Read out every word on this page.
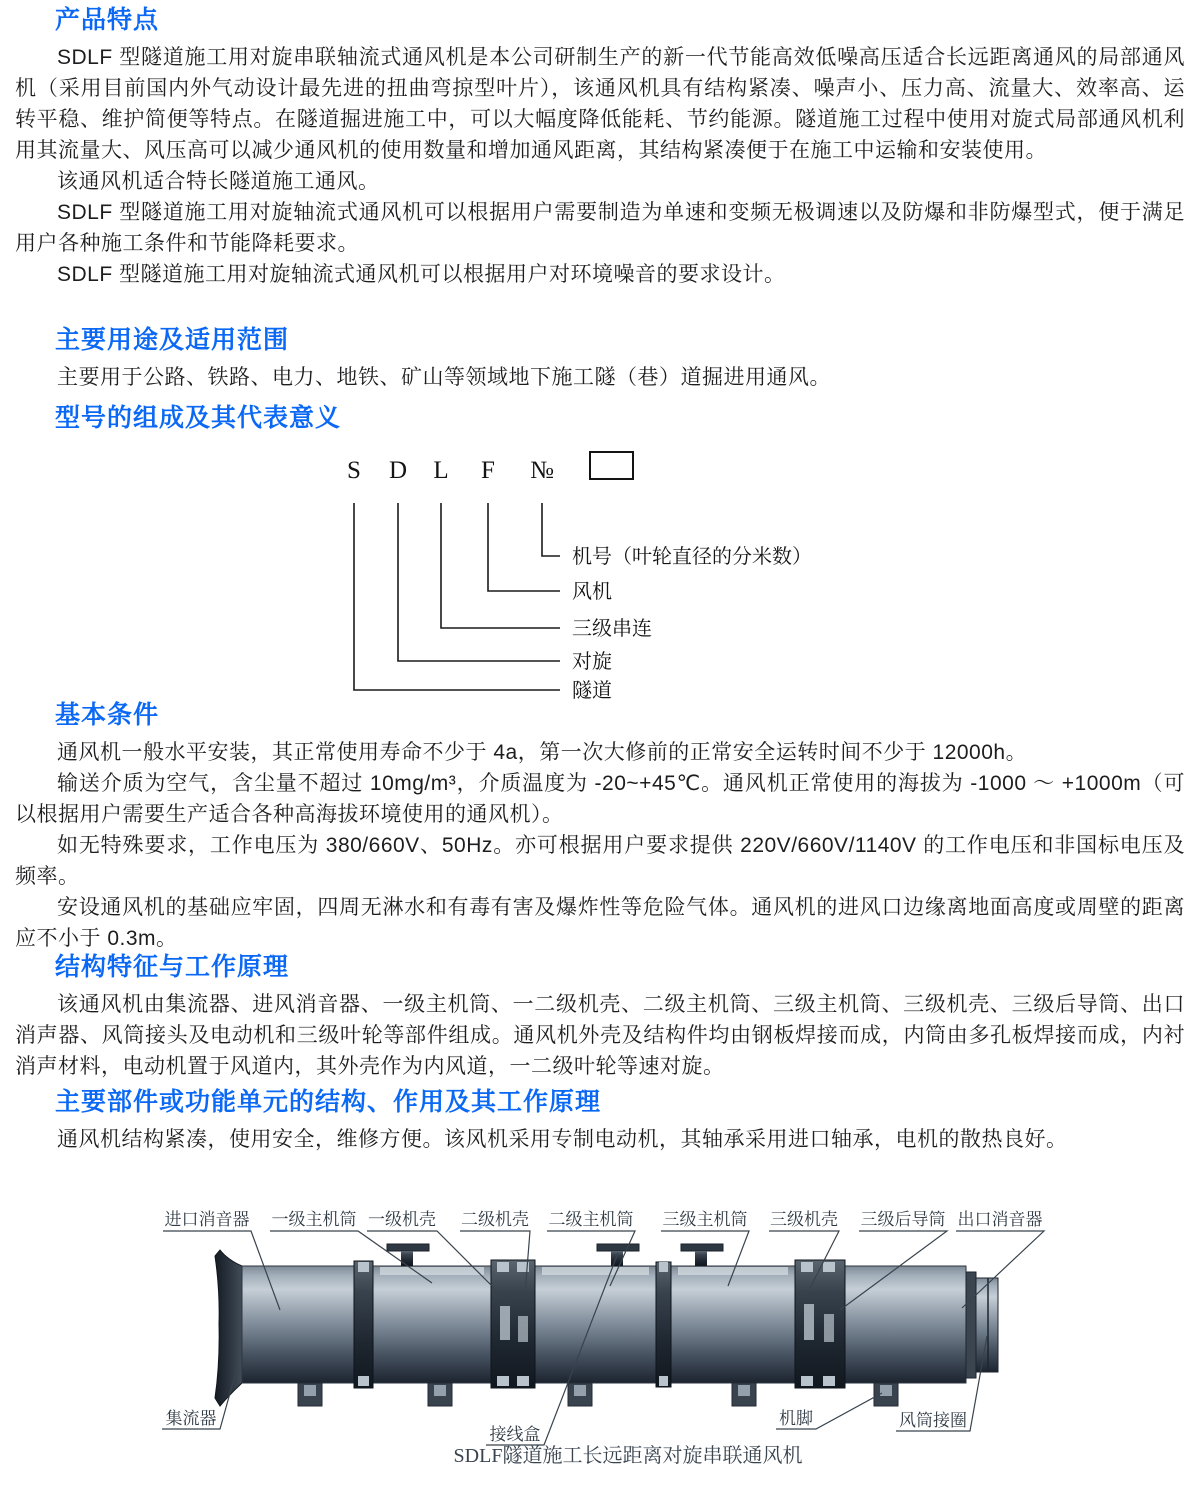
产品特点

SDLF 型隧道施工用对旋串联轴流式通风机是本公司研制生产的新一代节能高效低噪高压适合长远距离通风的局部通风机（采用目前国内外气动设计最先进的扭曲弯掠型叶片），该通风机具有结构紧凑、噪声小、压力高、流量大、效率高、运转平稳、维护简便等特点。在隧道掘进施工中，可以大幅度降低能耗、节约能源。隧道施工过程中使用对旋式局部通风机利用其流量大、风压高可以减少通风机的使用数量和增加通风距离，其结构紧凑便于在施工中运输和安装使用。

该通风机适合特长隧道施工通风。

SDLF 型隧道施工用对旋轴流式通风机可以根据用户需要制造为单速和变频无极调速以及防爆和非防爆型式，便于满足用户各种施工条件和节能降耗要求。

SDLF 型隧道施工用对旋轴流式通风机可以根据用户对环境噪音的要求设计。

主要用途及适用范围

主要用于公路、铁路、电力、地铁、矿山等领域地下施工隧（巷）道掘进用通风。

型号的组成及其代表意义
S D L F №
机号（叶轮直径的分米数）
风机
三级串连
对旋
隧道
基本条件

通风机一般水平安装，其正常使用寿命不少于 4a，第一次大修前的正常安全运转时间不少于 12000h。

输送介质为空气，含尘量不超过 10mg/m³，介质温度为 -20~+45℃。通风机正常使用的海拔为 -1000 ～ +1000m（可以根据用户需要生产适合各种高海拔环境使用的通风机）。

如无特殊要求，工作电压为 380/660V、50Hz。亦可根据用户要求提供 220V/660V/1140V 的工作电压和非国标电压及频率。

安设通风机的基础应牢固，四周无淋水和有毒有害及爆炸性等危险气体。通风机的进风口边缘离地面高度或周壁的距离应不小于 0.3m。

结构特征与工作原理

该通风机由集流器、进风消音器、一级主机筒、一二级机壳、二级主机筒、三级主机筒、三级机壳、三级后导筒、出口消声器、风筒接头及电动机和三级叶轮等部件组成。通风机外壳及结构件均由钢板焊接而成，内筒由多孔板焊接而成，内衬消声材料，电动机置于风道内，其外壳作为内风道，一二级叶轮等速对旋。

主要部件或功能单元的结构、作用及其工作原理

通风机结构紧凑，使用安全，维修方便。该风机采用专制电动机，其轴承采用进口轴承，电机的散热良好。

进口消音器 一级主机筒 一级机壳 二级机壳 二级主机筒 三级主机筒 三级机壳 三级后导筒 出口消音器
集流器
接线盒
机脚	风筒接圈
SDLF隧道施工长远距离对旋串联通风机
